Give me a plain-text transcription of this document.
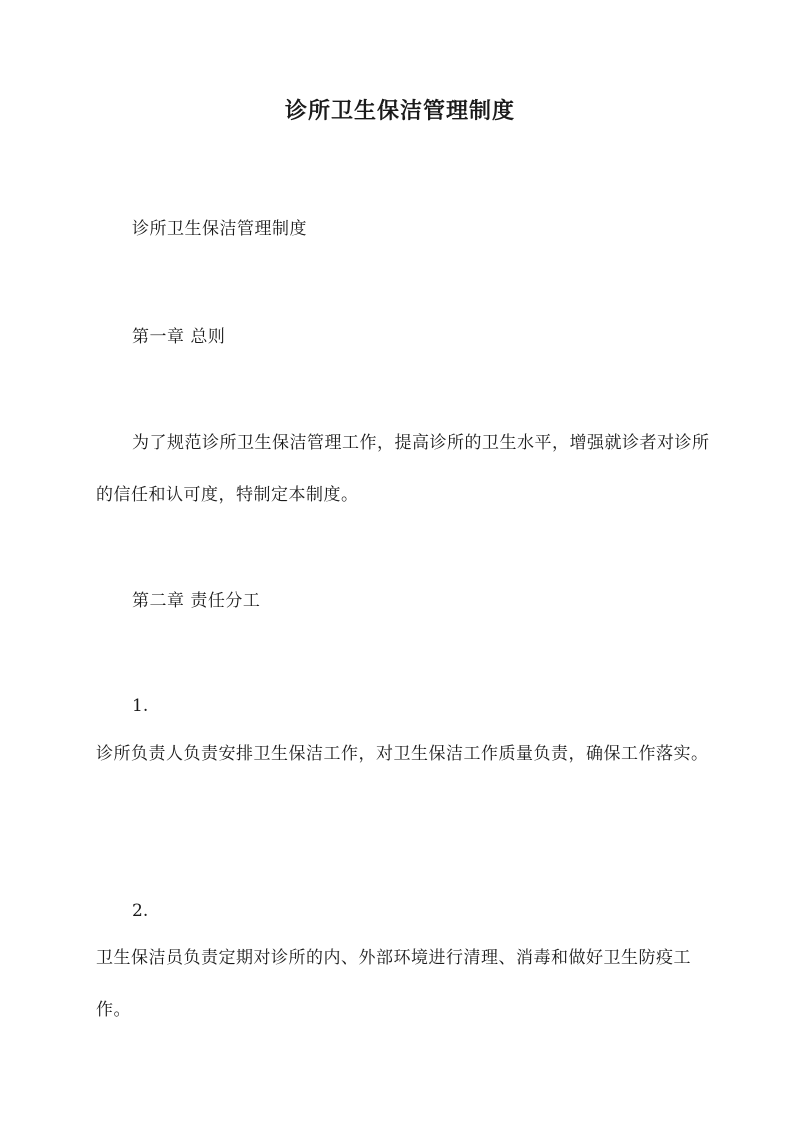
诊所卫生保洁管理制度
诊所卫生保洁管理制度
第一章 总则
为了规范诊所卫生保洁管理工作，提高诊所的卫生水平，增强就诊者对诊所的信任和认可度，特制定本制度。
第二章 责任分工
1.
诊所负责人负责安排卫生保洁工作，对卫生保洁工作质量负责，确保工作落实。
2.
卫生保洁员负责定期对诊所的内、外部环境进行清理、消毒和做好卫生防疫工作。
